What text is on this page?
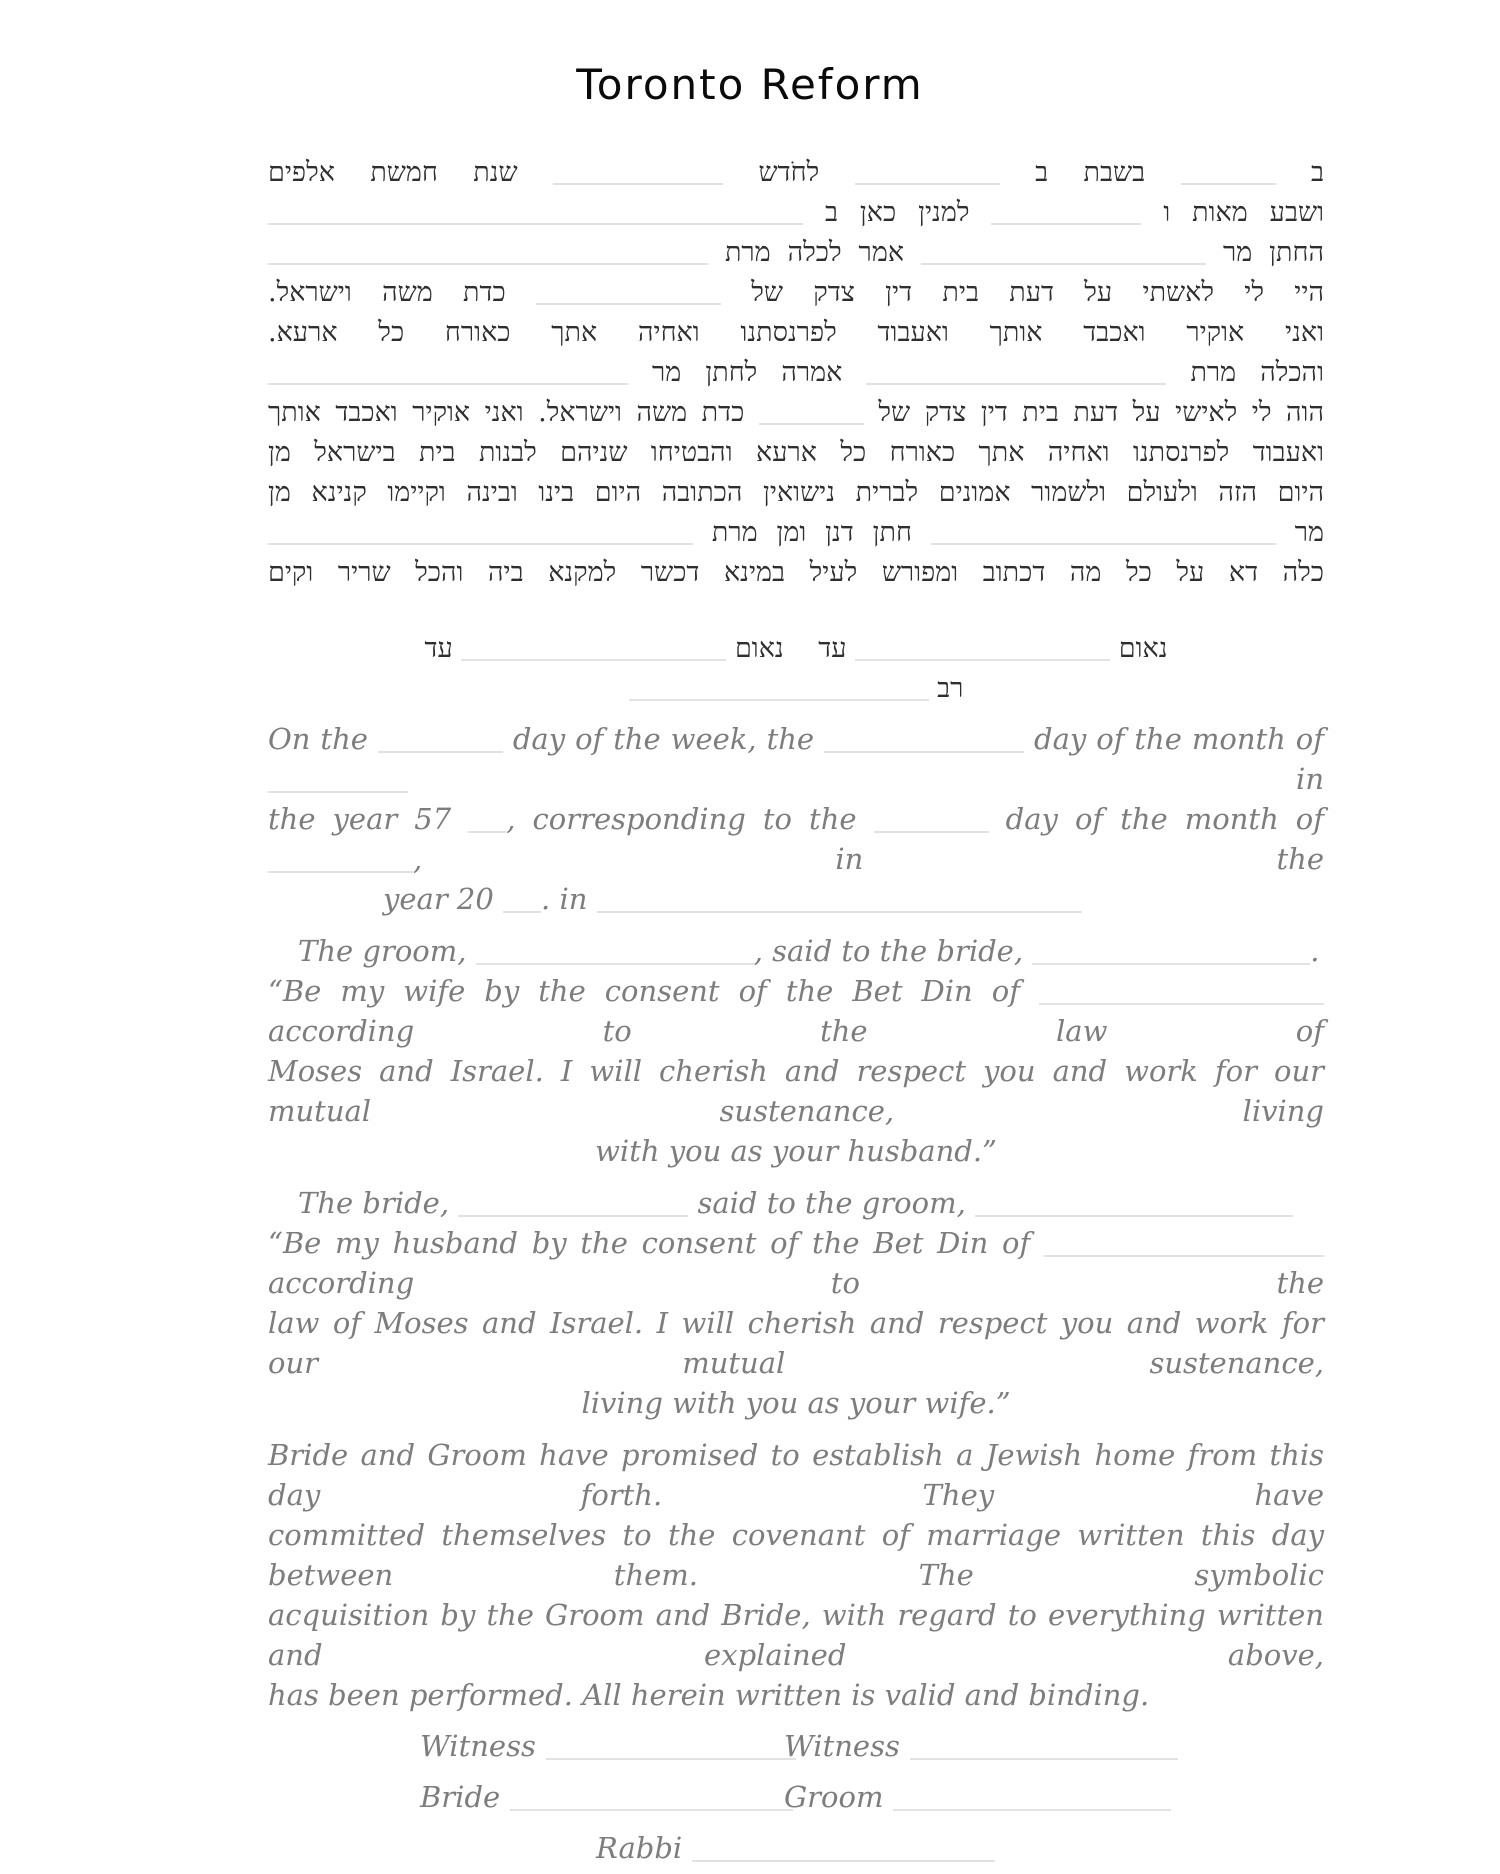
Toronto Reform
ב  בשבת ב  לחֹדש  שנת חמשת אלפים
ושבע מאות ו  למנין כאן ב
החתן מר  אמר לכלה מרת
היי לי לאשתי על דעת בית דין צדק של  כדת משה וישראל.
ואני אוקיר ואכבד אותך ואעבוד לפרנסתנו ואחיה אתך כאורח כל ארעא.
והכלה מרת  אמרה לחתן מר
הוה לי לאישי על דעת בית דין צדק של  כדת משה וישראל. ואני אוקיר ואכבד אותך
ואעבוד לפרנסתנו ואחיה אתך כאורח כל ארעא והבטיחו שניהם לבנות בית בישראל מן
היום הזה ולעולם ולשמור אמונים לברית נישואין הכתובה היום בינו ובינה וקיימו קנינא מן
מר  חתן דנן ומן מרת
כלה דא על כל מה דכתוב ומפורש לעיל במינא דכשר למקנא ביה והכל שריר וקים
נאום  עד נאום  עד
רב
On the	day of the week, the	day of the month of  in
the year 57 , corresponding to the	day of the month of , in the
year 20 . in
The groom,	, said to the bride,	.
“Be my wife by the consent of the Bet Din of  according to the law of
Moses and Israel. I will cherish and respect you and work for our mutual sustenance, living
with you as your husband.”
The bride,	said to the groom,
“Be my husband by the consent of the Bet Din of  according to the
law of Moses and Israel. I will cherish and respect you and work for our mutual sustenance,
living with you as your wife.”
Bride and Groom have promised to establish a Jewish home from this day forth. They have
committed themselves to the covenant of marriage written this day between them. The symbolic
acquisition by the Groom and Bride, with regard to everything written and explained above,
has been performed. All herein written is valid and binding.
Witness	Witness
Bride	Groom
Rabbi
